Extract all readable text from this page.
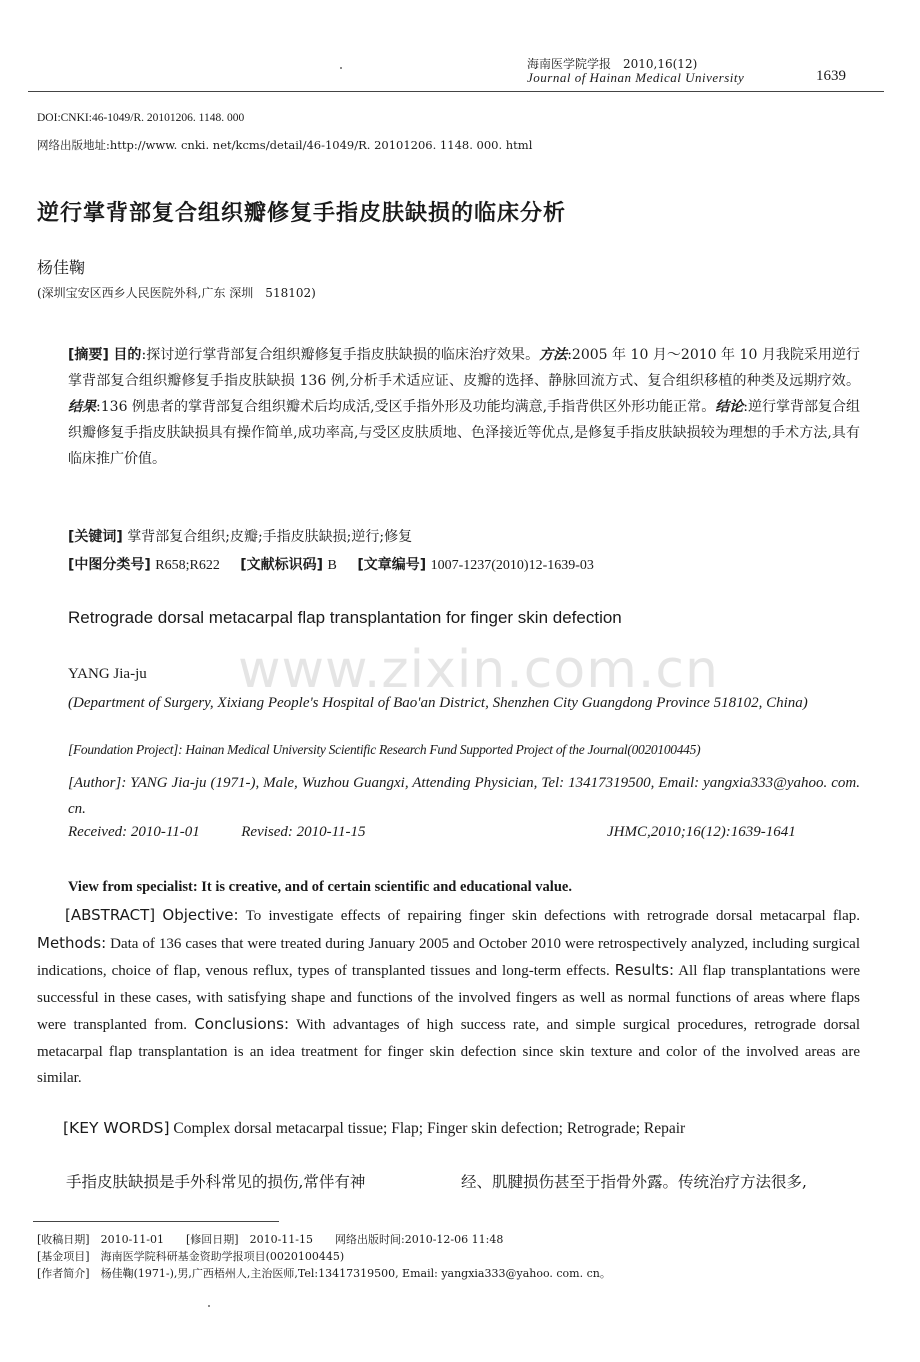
海南医学院学报　2010,16(12)
Journal of Hainan Medical University	1639
DOI:CNKI:46-1049/R. 20101206. 1148. 000
网络出版地址:http://www. cnki. net/kcms/detail/46-1049/R. 20101206. 1148. 000. html
逆行掌背部复合组织瓣修复手指皮肤缺损的临床分析
杨佳鞠
(深圳宝安区西乡人民医院外科,广东 深圳　518102)
[摘要] 目的:探讨逆行掌背部复合组织瓣修复手指皮肤缺损的临床治疗效果。方法:2005 年 10 月～2010 年 10 月我院采用逆行掌背部复合组织瓣修复手指皮肤缺损 136 例,分析手术适应证、皮瓣的选择、静脉回流方式、复合组织移植的种类及远期疗效。结果:136 例患者的掌背部复合组织瓣术后均成活,受区手指外形及功能均满意,手指背供区外形功能正常。结论:逆行掌背部复合组织瓣修复手指皮肤缺损具有操作简单,成功率高,与受区皮肤质地、色泽接近等优点,是修复手指皮肤缺损较为理想的手术方法,具有临床推广价值。
[关键词] 掌背部复合组织;皮瓣;手指皮肤缺损;逆行;修复
[中图分类号] R658;R622 [文献标识码] B [文章编号] 1007-1237(2010)12-1639-03
Retrograde dorsal metacarpal flap transplantation for finger skin defection
YANG Jia-ju www.zixin.com.cn
(Department of Surgery, Xixiang People's Hospital of Bao'an District, Shenzhen City Guangdong Province 518102, China)
[Foundation Project]: Hainan Medical University Scientific Research Fund Supported Project of the Journal(0020100445)
[Author]: YANG Jia-ju (1971-), Male, Wuzhou Guangxi, Attending Physician, Tel: 13417319500, Email: yangxia333@yahoo. com. cn.
Received: 2010-11-01	Revised: 2010-11-15	JHMC,2010;16(12):1639-1641
View from specialist: It is creative, and of certain scientific and educational value.
[ABSTRACT] Objective: To investigate effects of repairing finger skin defections with retrograde dorsal metacarpal flap. Methods: Data of 136 cases that were treated during January 2005 and October 2010 were retrospectively analyzed, including surgical indications, choice of flap, venous reflux, types of transplanted tissues and long-term effects. Results: All flap transplantations were successful in these cases, with satisfying shape and functions of the involved fingers as well as normal functions of areas where flaps were transplanted from. Conclusions: With advantages of high success rate, and simple surgical procedures, retrograde dorsal metacarpal flap transplantation is an idea treatment for finger skin defection since skin texture and color of the involved areas are similar.
[KEY WORDS] Complex dorsal metacarpal tissue; Flap; Finger skin defection; Retrograde; Repair
手指皮肤缺损是手外科常见的损伤,常伴有神	经、肌腱损伤甚至于指骨外露。传统治疗方法很多,
[收稿日期]　2010-11-01　　[修回日期]　2010-11-15　　网络出版时间:2010-12-06 11:48
[基金项目]　海南医学院科研基金资助学报项目(0020100445)
[作者简介]　杨佳鞠(1971-),男,广西梧州人,主治医师,Tel:13417319500, Email: yangxia333@yahoo. com. cn。
